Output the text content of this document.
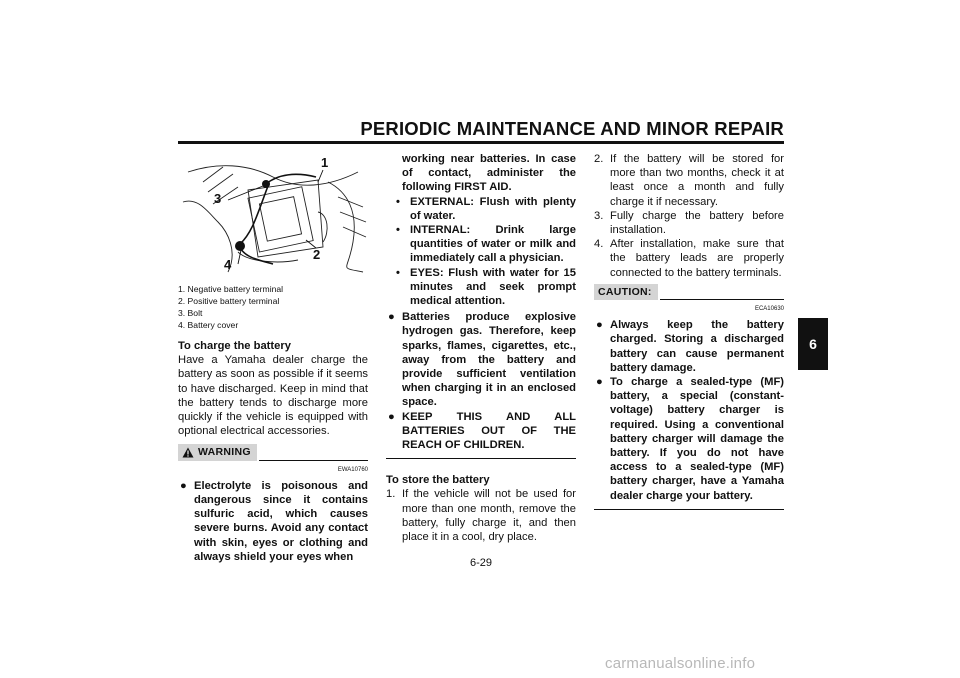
PERIODIC MAINTENANCE AND MINOR REPAIR
6
1
2
3
4
1. Negative battery terminal
2. Positive battery terminal
3. Bolt
4. Battery cover
To charge the battery

Have a Yamaha dealer charge the battery as soon as possible if it seems to have discharged. Keep in mind that the battery tends to discharge more quickly if the vehicle is equipped with optional electrical accessories.

WARNING
EWA10760
● Electrolyte is poisonous and dangerous since it contains sulfuric acid, which causes severe burns. Avoid any contact with skin, eyes or clothing and always shield your eyes when
working near batteries. In case of contact, administer the following FIRST AID.
• EXTERNAL: Flush with plenty of water.
• INTERNAL: Drink large quantities of water or milk and immediately call a physician.
• EYES: Flush with water for 15 minutes and seek prompt medical attention.
● Batteries produce explosive hydrogen gas. Therefore, keep sparks, flames, cigarettes, etc., away from the battery and provide sufficient ventilation when charging it in an enclosed space.
● KEEP THIS AND ALL BATTERIES OUT OF THE REACH OF CHILDREN.
To store the battery
1. If the vehicle will not be used for more than one month, remove the battery, fully charge it, and then place it in a cool, dry place.
2. If the battery will be stored for more than two months, check it at least once a month and fully charge it if necessary.
3. Fully charge the battery before installation.
4. After installation, make sure that the battery leads are properly connected to the battery terminals.
CAUTION:
ECA10630
● Always keep the battery charged. Storing a discharged battery can cause permanent battery damage.
● To charge a sealed-type (MF) battery, a special (constant-voltage) battery charger is required. Using a conventional battery charger will damage the battery. If you do not have access to a sealed-type (MF) battery charger, have a Yamaha dealer charge your battery.
6-29
carmanualsonline.info
